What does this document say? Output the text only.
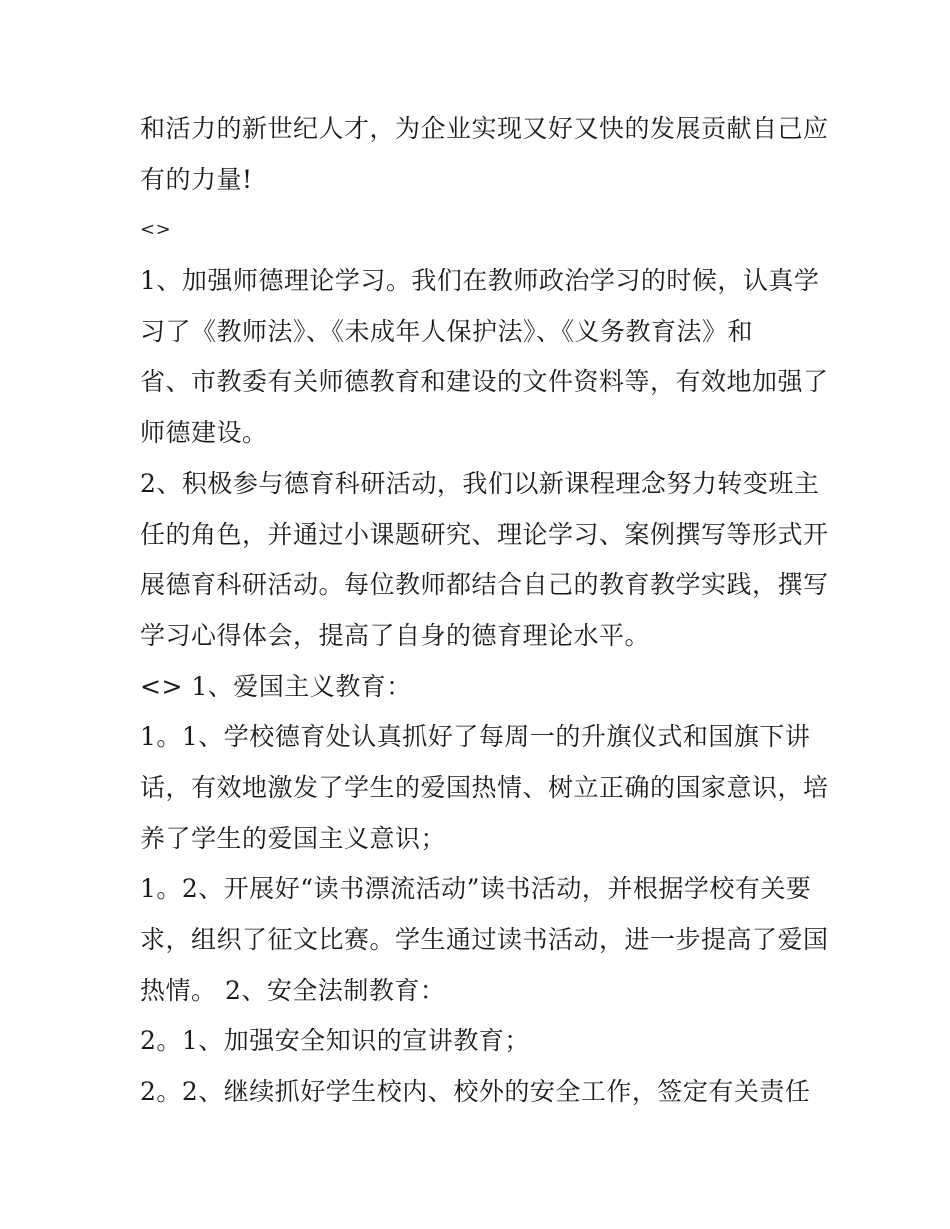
和活力的新世纪人才，为企业实现又好又快的发展贡献自己应
有的力量!
<>
1、加强师德理论学习。我们在教师政治学习的时候，认真学
习了《教师法》、《未成年人保护法》、《义务教育法》和
省、市教委有关师德教育和建设的文件资料等，有效地加强了
师德建设。
2、积极参与德育科研活动，我们以新课程理念努力转变班主
任的角色，并通过小课题研究、理论学习、案例撰写等形式开
展德育科研活动。每位教师都结合自己的教育教学实践，撰写
学习心得体会，提高了自身的德育理论水平。
<> 1、爱国主义教育：
1。1、学校德育处认真抓好了每周一的升旗仪式和国旗下讲
话，有效地激发了学生的爱国热情、树立正确的国家意识，培
养了学生的爱国主义意识；
1。2、开展好“读书漂流活动”读书活动，并根据学校有关要
求，组织了征文比赛。学生通过读书活动，进一步提高了爱国
热情。 2、安全法制教育：
2。1、加强安全知识的宣讲教育；
2。2、继续抓好学生校内、校外的安全工作，签定有关责任
